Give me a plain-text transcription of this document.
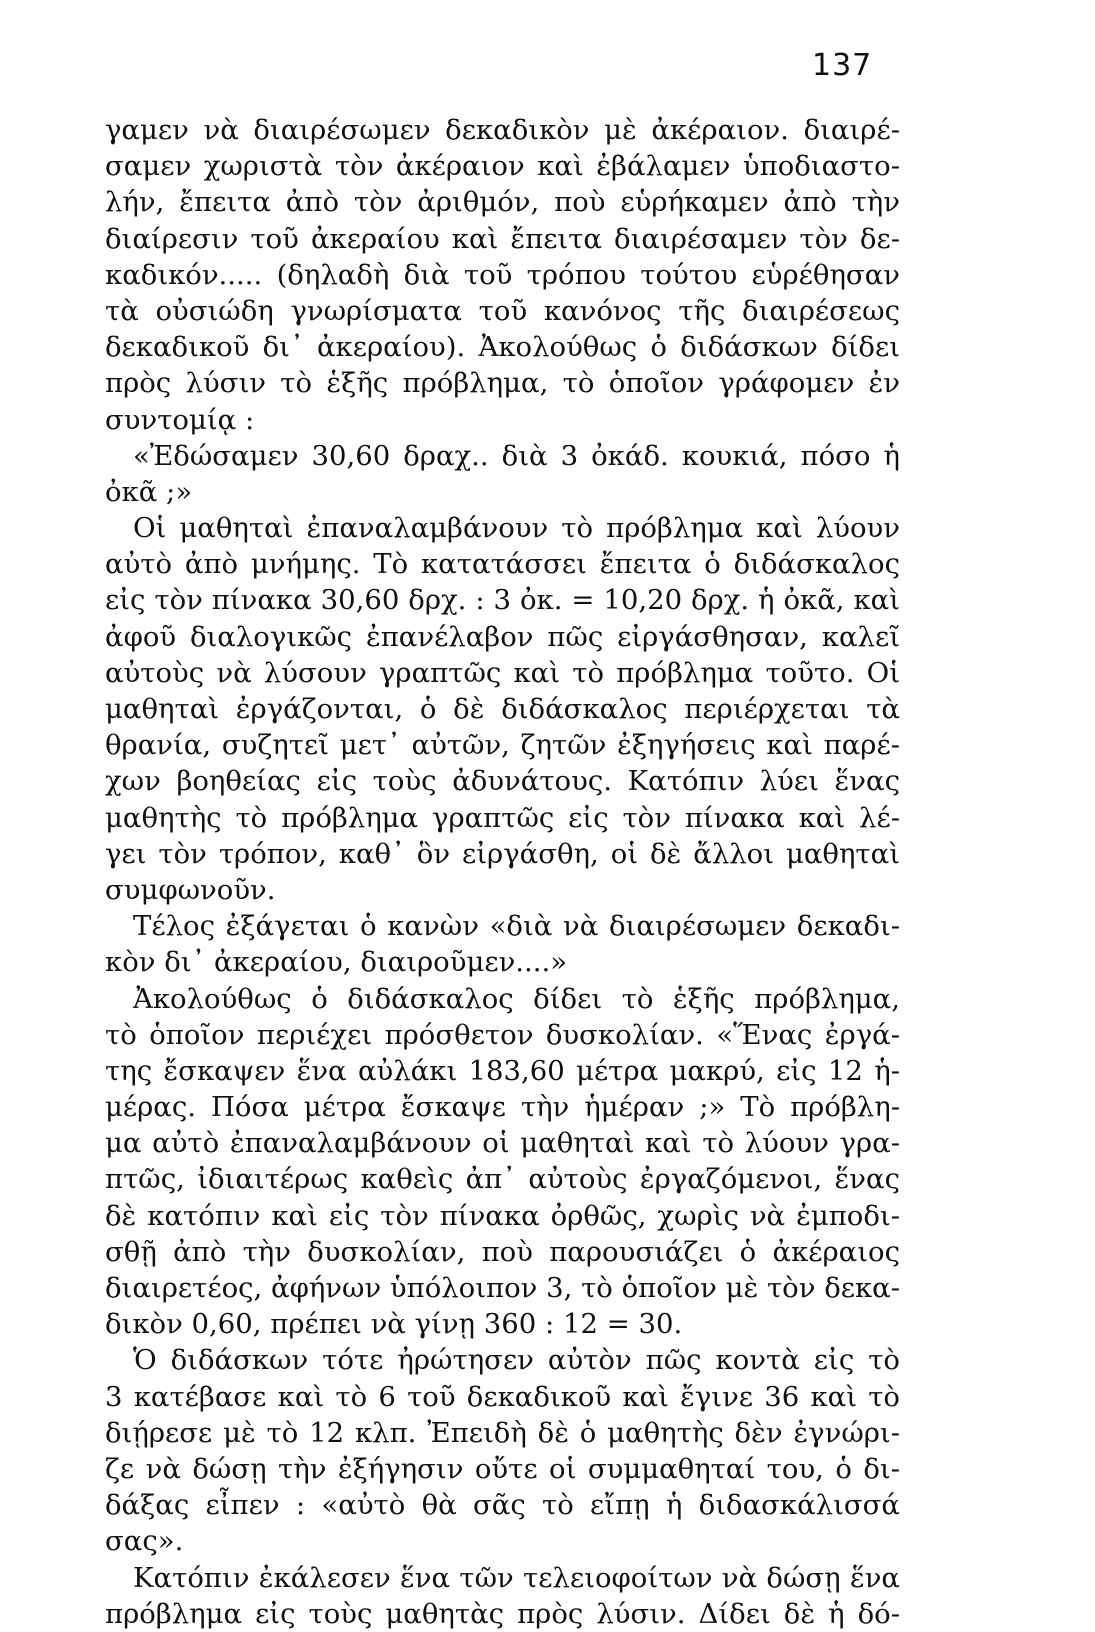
137
γαμεν νὰ διαιρέσωμεν δεκαδικὸν μὲ ἀκέραιον. διαιρέ-
σαμεν χωριστὰ τὸν ἀκέραιον καὶ ἐβάλαμεν ὑποδιαστο-
λήν, ἔπειτα ἀπὸ τὸν ἀριθμόν, ποὺ εὑρήκαμεν ἀπὸ τὴν
διαίρεσιν τοῦ ἀκεραίου καὶ ἔπειτα διαιρέσαμεν τὸν δε-
καδικόν..... (δηλαδὴ διὰ τοῦ τρόπου τούτου εὑρέθησαν
τὰ οὐσιώδη γνωρίσματα τοῦ κανόνος τῆς διαιρέσεως
δεκαδικοῦ δι᾿ ἀκεραίου). Ἀκολούθως ὁ διδάσκων δίδει
πρὸς λύσιν τὸ ἑξῆς πρόβλημα, τὸ ὁποῖον γράφομεν ἐν
συντομίᾳ :
«Ἐδώσαμεν 30,60 δραχ.. διὰ 3 ὀκάδ. κουκιά, πόσο ἡ
ὀκᾶ ;»
Οἱ μαθηταὶ ἐπαναλαμβάνουν τὸ πρόβλημα καὶ λύουν
αὐτὸ ἀπὸ μνήμης. Τὸ κατατάσσει ἔπειτα ὁ διδάσκαλος
εἰς τὸν πίνακα 30,60 δρχ. : 3 ὀκ. = 10,20 δρχ. ἡ ὀκᾶ, καὶ
ἀφοῦ διαλογικῶς ἐπανέλαβον πῶς εἰργάσθησαν, καλεῖ
αὐτοὺς νὰ λύσουν γραπτῶς καὶ τὸ πρόβλημα τοῦτο. Οἱ
μαθηταὶ ἐργάζονται, ὁ δὲ διδάσκαλος περιέρχεται τὰ
θρανία, συζητεῖ μετ᾿ αὐτῶν, ζητῶν ἐξηγήσεις καὶ παρέ-
χων βοηθείας εἰς τοὺς ἀδυνάτους. Κατόπιν λύει ἕνας
μαθητὴς τὸ πρόβλημα γραπτῶς εἰς τὸν πίνακα καὶ λέ-
γει τὸν τρόπον, καθ᾿ ὃν εἰργάσθη, οἱ δὲ ἄλλοι μαθηταὶ
συμφωνοῦν.
Τέλος ἐξάγεται ὁ κανὼν «διὰ νὰ διαιρέσωμεν δεκαδι-
κὸν δι᾿ ἀκεραίου, διαιροῦμεν....»
Ἀκολούθως ὁ διδάσκαλος δίδει τὸ ἑξῆς πρόβλημα,
τὸ ὁποῖον περιέχει πρόσθετον δυσκολίαν. «Ἕνας ἐργά-
της ἔσκαψεν ἕνα αὐλάκι 183,60 μέτρα μακρύ, εἰς 12 ἡ-
μέρας. Πόσα μέτρα ἔσκαψε τὴν ἡμέραν ;» Τὸ πρόβλη-
μα αὐτὸ ἐπαναλαμβάνουν οἱ μαθηταὶ καὶ τὸ λύουν γρα-
πτῶς, ἰδιαιτέρως καθεὶς ἀπ᾿ αὐτοὺς ἐργαζόμενοι, ἕνας
δὲ κατόπιν καὶ εἰς τὸν πίνακα ὀρθῶς, χωρὶς νὰ ἐμποδι-
σθῇ ἀπὸ τὴν δυσκολίαν, ποὺ παρουσιάζει ὁ ἀκέραιος
διαιρετέος, ἀφήνων ὑπόλοιπον 3, τὸ ὁποῖον μὲ τὸν δεκα-
δικὸν 0,60, πρέπει νὰ γίνῃ 360 : 12 = 30.
Ὁ διδάσκων τότε ἠρώτησεν αὐτὸν πῶς κοντὰ εἰς τὸ
3 κατέβασε καὶ τὸ 6 τοῦ δεκαδικοῦ καὶ ἔγινε 36 καὶ τὸ
διῄρεσε μὲ τὸ 12 κλπ. Ἐπειδὴ δὲ ὁ μαθητὴς δὲν ἐγνώρι-
ζε νὰ δώσῃ τὴν ἐξήγησιν οὔτε οἱ συμμαθηταί του, ὁ δι-
δάξας εἶπεν : «αὐτὸ θὰ σᾶς τὸ εἴπῃ ἡ διδασκάλισσά
σας».
Κατόπιν ἐκάλεσεν ἕνα τῶν τελειοφοίτων νὰ δώσῃ ἕνα
πρόβλημα εἰς τοὺς μαθητὰς πρὸς λύσιν. Δίδει δὲ ἡ δό-
